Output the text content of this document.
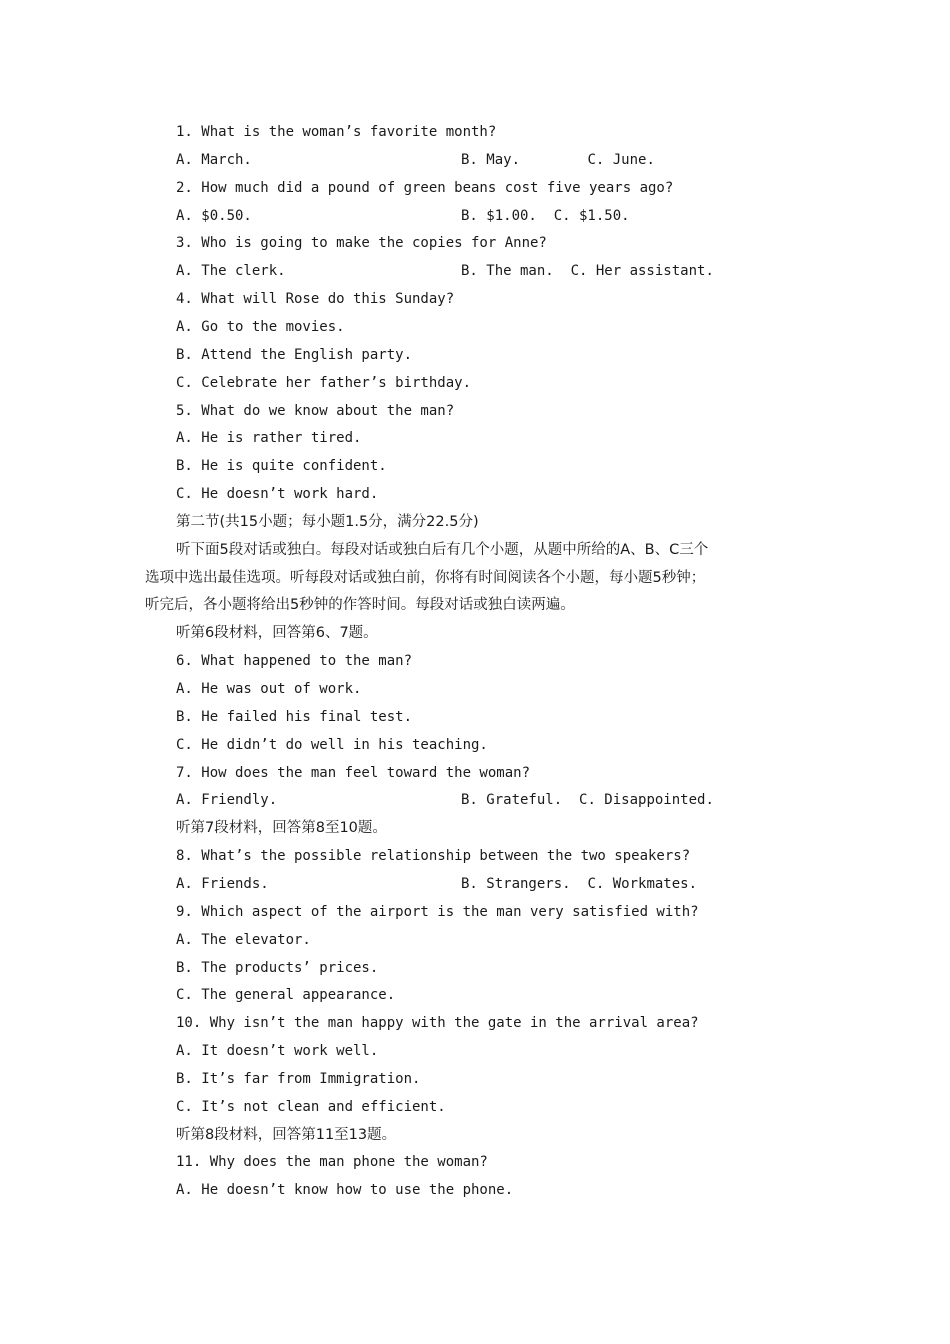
1. What is the woman’s favorite month?
A. March.	B. May.	C. June.
2. How much did a pound of green beans cost five years ago?
A. $0.50.	B. $1.00. C. $1.50.
3. Who is going to make the copies for Anne?
A. The clerk.	B. The man. C. Her assistant.
4. What will Rose do this Sunday?
A. Go to the movies.
B. Attend the English party.
C. Celebrate her father’s birthday.
5. What do we know about the man?
A. He is rather tired.
B. He is quite confident.
C. He doesn’t work hard.
第二节(共15小题；每小题1.5分，满分22.5分)
听下面5段对话或独白。每段对话或独白后有几个小题，从题中所给的A、B、C三个
选项中选出最佳选项。听每段对话或独白前，你将有时间阅读各个小题，每小题5秒钟；
听完后，各小题将给出5秒钟的作答时间。每段对话或独白读两遍。
听第6段材料，回答第6、7题。
6. What happened to the man?
A. He was out of work.
B. He failed his final test.
C. He didn’t do well in his teaching.
7. How does the man feel toward the woman?
A. Friendly.	B. Grateful. C. Disappointed.
听第7段材料，回答第8至10题。
8. What’s the possible relationship between the two speakers?
A. Friends.	B. Strangers. C. Workmates.
9. Which aspect of the airport is the man very satisfied with?
A. The elevator.
B. The products’ prices.
C. The general appearance.
10. Why isn’t the man happy with the gate in the arrival area?
A. It doesn’t work well.
B. It’s far from Immigration.
C. It’s not clean and efficient.
听第8段材料，回答第11至13题。
11. Why does the man phone the woman?
A. He doesn’t know how to use the phone.
